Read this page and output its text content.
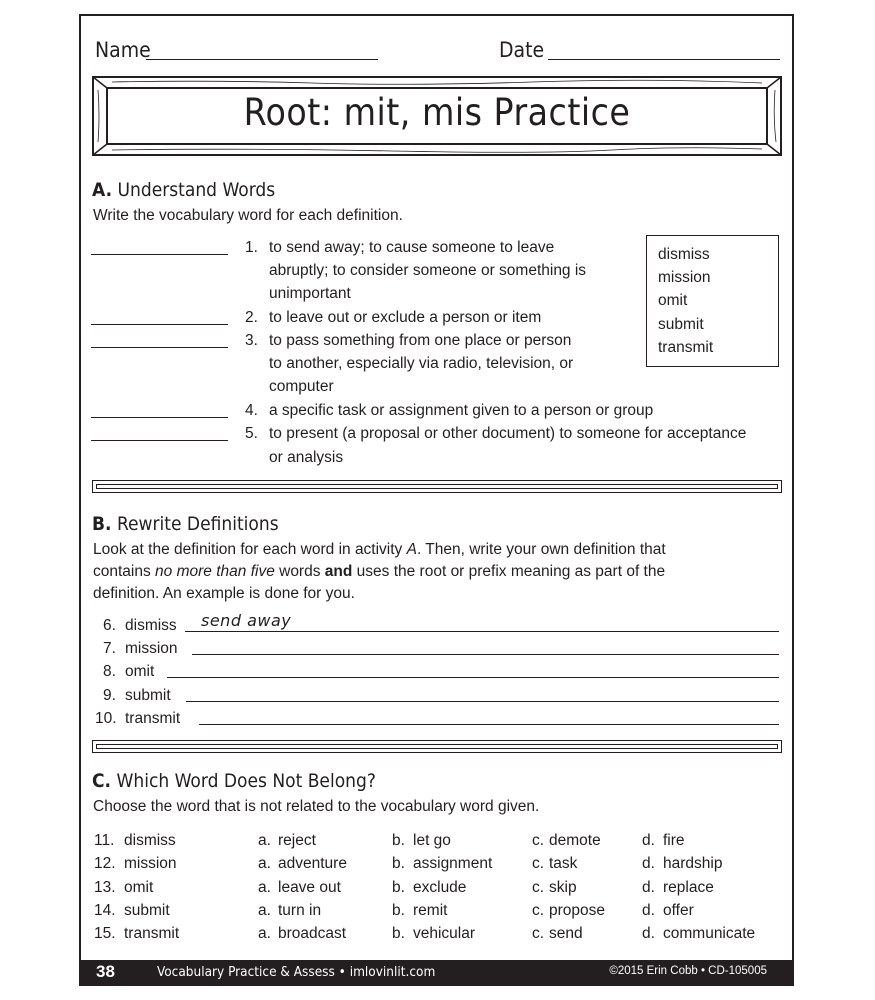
Name	Date
Root: mit, mis Practice
A. Understand Words
Write the vocabulary word for each definition.
1. to send away; to cause someone to leave
abruptly; to consider someone or something is
unimportant
2. to leave out or exclude a person or item
3. to pass something from one place or person
to another, especially via radio, television, or
computer
4. a specific task or assignment given to a person or group
5. to present (a proposal or other document) to someone for acceptance
or analysis
dismiss
mission
omit
submit
transmit
B. Rewrite Definitions
Look at the definition for each word in activity A. Then, write your own definition that
contains no more than five words and uses the root or prefix meaning as part of the
definition. An example is done for you.
6. dismiss send away
7. mission
8. omit
9. submit
10. transmit
C. Which Word Does Not Belong?
Choose the word that is not related to the vocabulary word given.
11. dismiss	a. reject	b. let go	c. demote	d. fire
12. mission	a. adventure	b. assignment	c. task	d. hardship
13. omit	a. leave out	b. exclude	c. skip	d. replace
14. submit	a. turn in	b. remit	c. propose d. offer
15. transmit	a. broadcast	b. vehicular	c. send	d. communicate
38	Vocabulary Practice & Assess • imlovinlit.com	©2015 Erin Cobb • CD-105005
